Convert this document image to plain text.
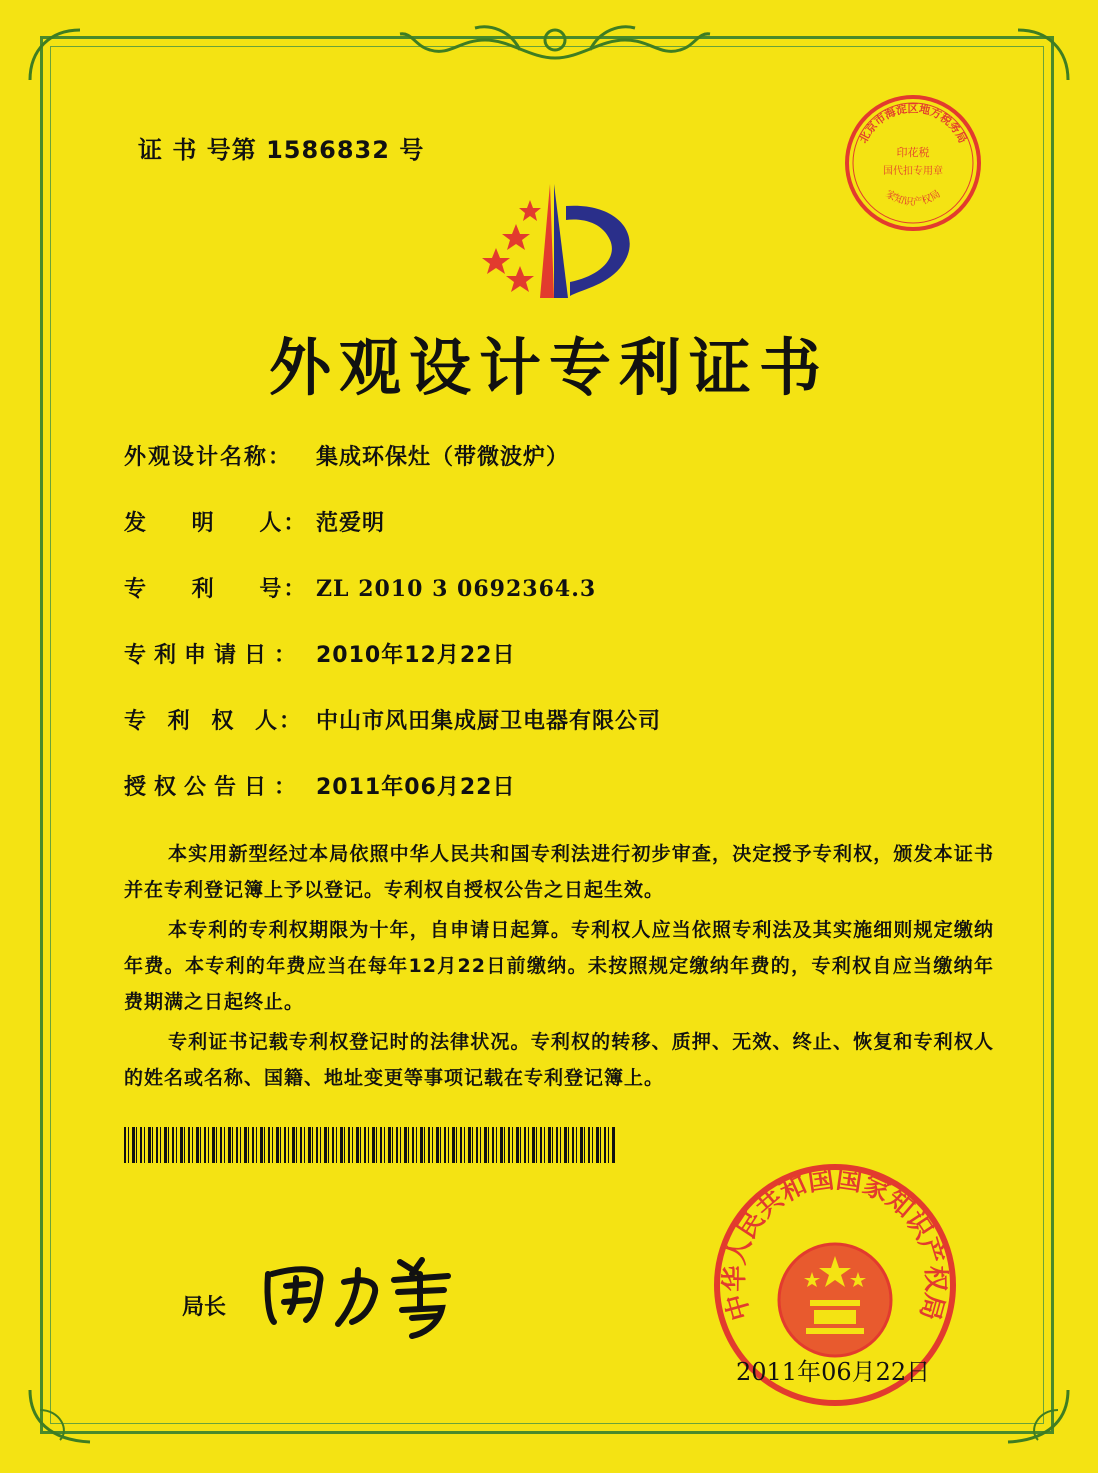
证 书 号第 1586832 号	北京市海淀区地方税务局
印花税
国代扣专用章
家知识产权局
外观设计专利证书
外观设计名称： 集成环保灶（带微波炉）
发 明 人： 范爱明
专 利 号： ZL 2010 3 0692364.3
专利申请日： 2010年12月22日
专 利 权 人： 中山市风田集成厨卫电器有限公司
授权公告日： 2011年06月22日

本实用新型经过本局依照中华人民共和国专利法进行初步审查，决定授予专利权，颁发本证书并在专利登记簿上予以登记。专利权自授权公告之日起生效。

本专利的专利权期限为十年，自申请日起算。专利权人应当依照专利法及其实施细则规定缴纳年费。本专利的年费应当在每年12月22日前缴纳。未按照规定缴纳年费的，专利权自应当缴纳年费期满之日起终止。

专利证书记载专利权登记时的法律状况。专利权的转移、质押、无效、终止、恢复和专利权人的姓名或名称、国籍、地址变更等事项记载在专利登记簿上。

局长	中华人民共和国国家知识产权局
2011年06月22日
